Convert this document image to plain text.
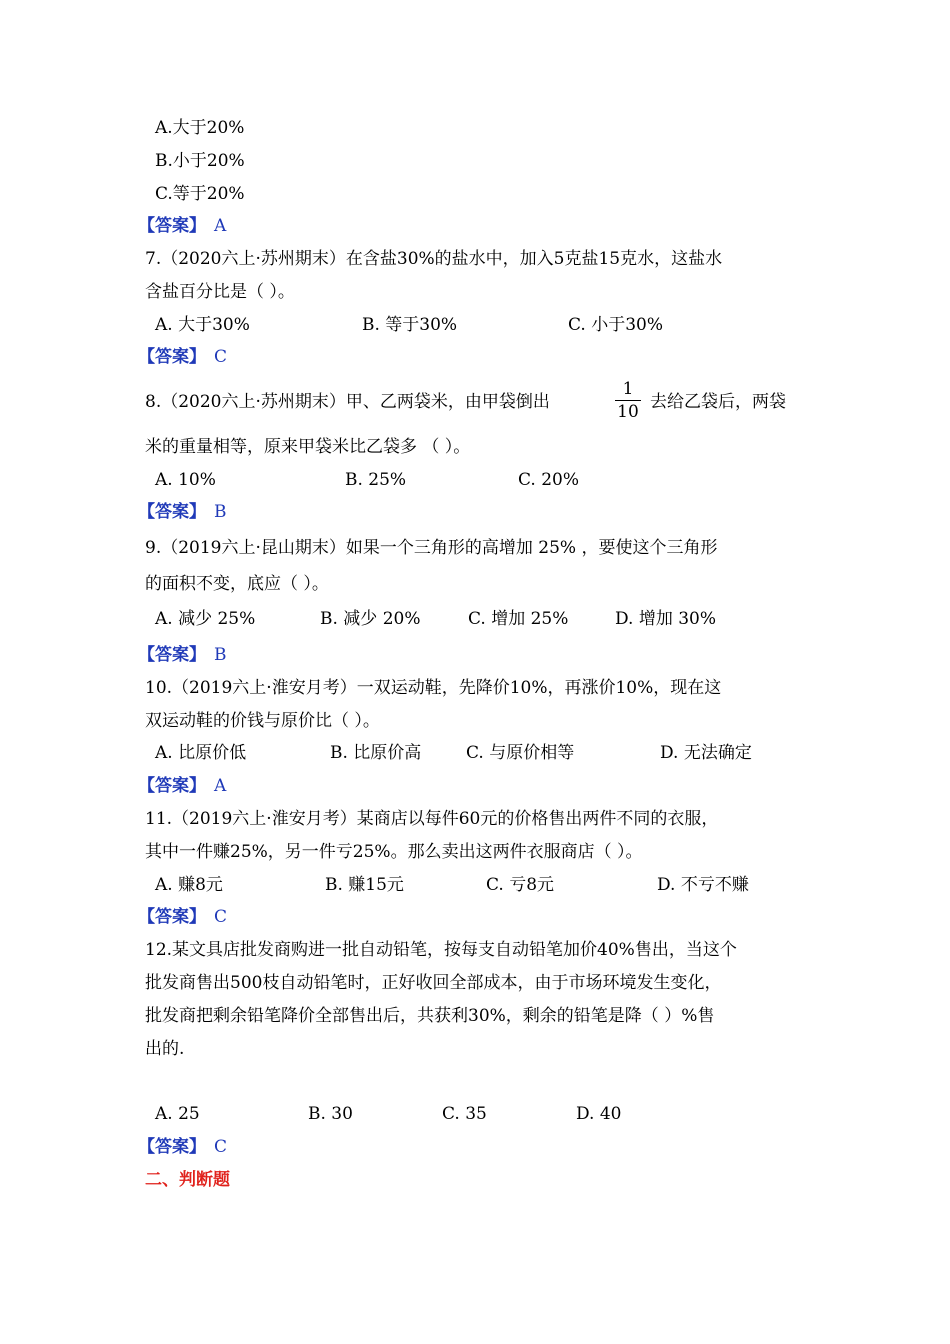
A.大于20%
B.小于20%
C.等于20%
【答案】 A
7.（2020六上·苏州期末）在含盐30%的盐水中，加入5克盐15克水，这盐水
含盐百分比是（ ）。
A. 大于30%	B. 等于30%	C. 小于30%
【答案】 C
8.（2020六上·苏州期末）甲、乙两袋米，由甲袋倒出
1
10 去给乙袋后，两袋
米的重量相等，原来甲袋米比乙袋多 （ ）。
A. 10%	B. 25%	C. 20%
【答案】 B
9.（2019六上·昆山期末）如果一个三角形的高增加 25% ，要使这个三角形
的面积不变，底应（ ）。
A. 减少 25%	B. 减少 20%	C. 增加 25%	D. 增加 30%
【答案】 B
10.（2019六上·淮安月考）一双运动鞋，先降价10%，再涨价10%，现在这
双运动鞋的价钱与原价比（ ）。
A. 比原价低	B. 比原价高	C. 与原价相等	D. 无法确定
【答案】 A
11.（2019六上·淮安月考）某商店以每件60元的价格售出两件不同的衣服，
其中一件赚25%，另一件亏25%。那么卖出这两件衣服商店（ ）。
A. 赚8元	B. 赚15元	C. 亏8元	D. 不亏不赚
【答案】 C
12.某文具店批发商购进一批自动铅笔，按每支自动铅笔加价40%售出，当这个
批发商售出500枝自动铅笔时，正好收回全部成本，由于市场环境发生变化，
批发商把剩余铅笔降价全部售出后，共获利30%，剩余的铅笔是降（ ）%售
出的.
A. 25	B. 30	C. 35	D. 40
【答案】 C
二、判断题
